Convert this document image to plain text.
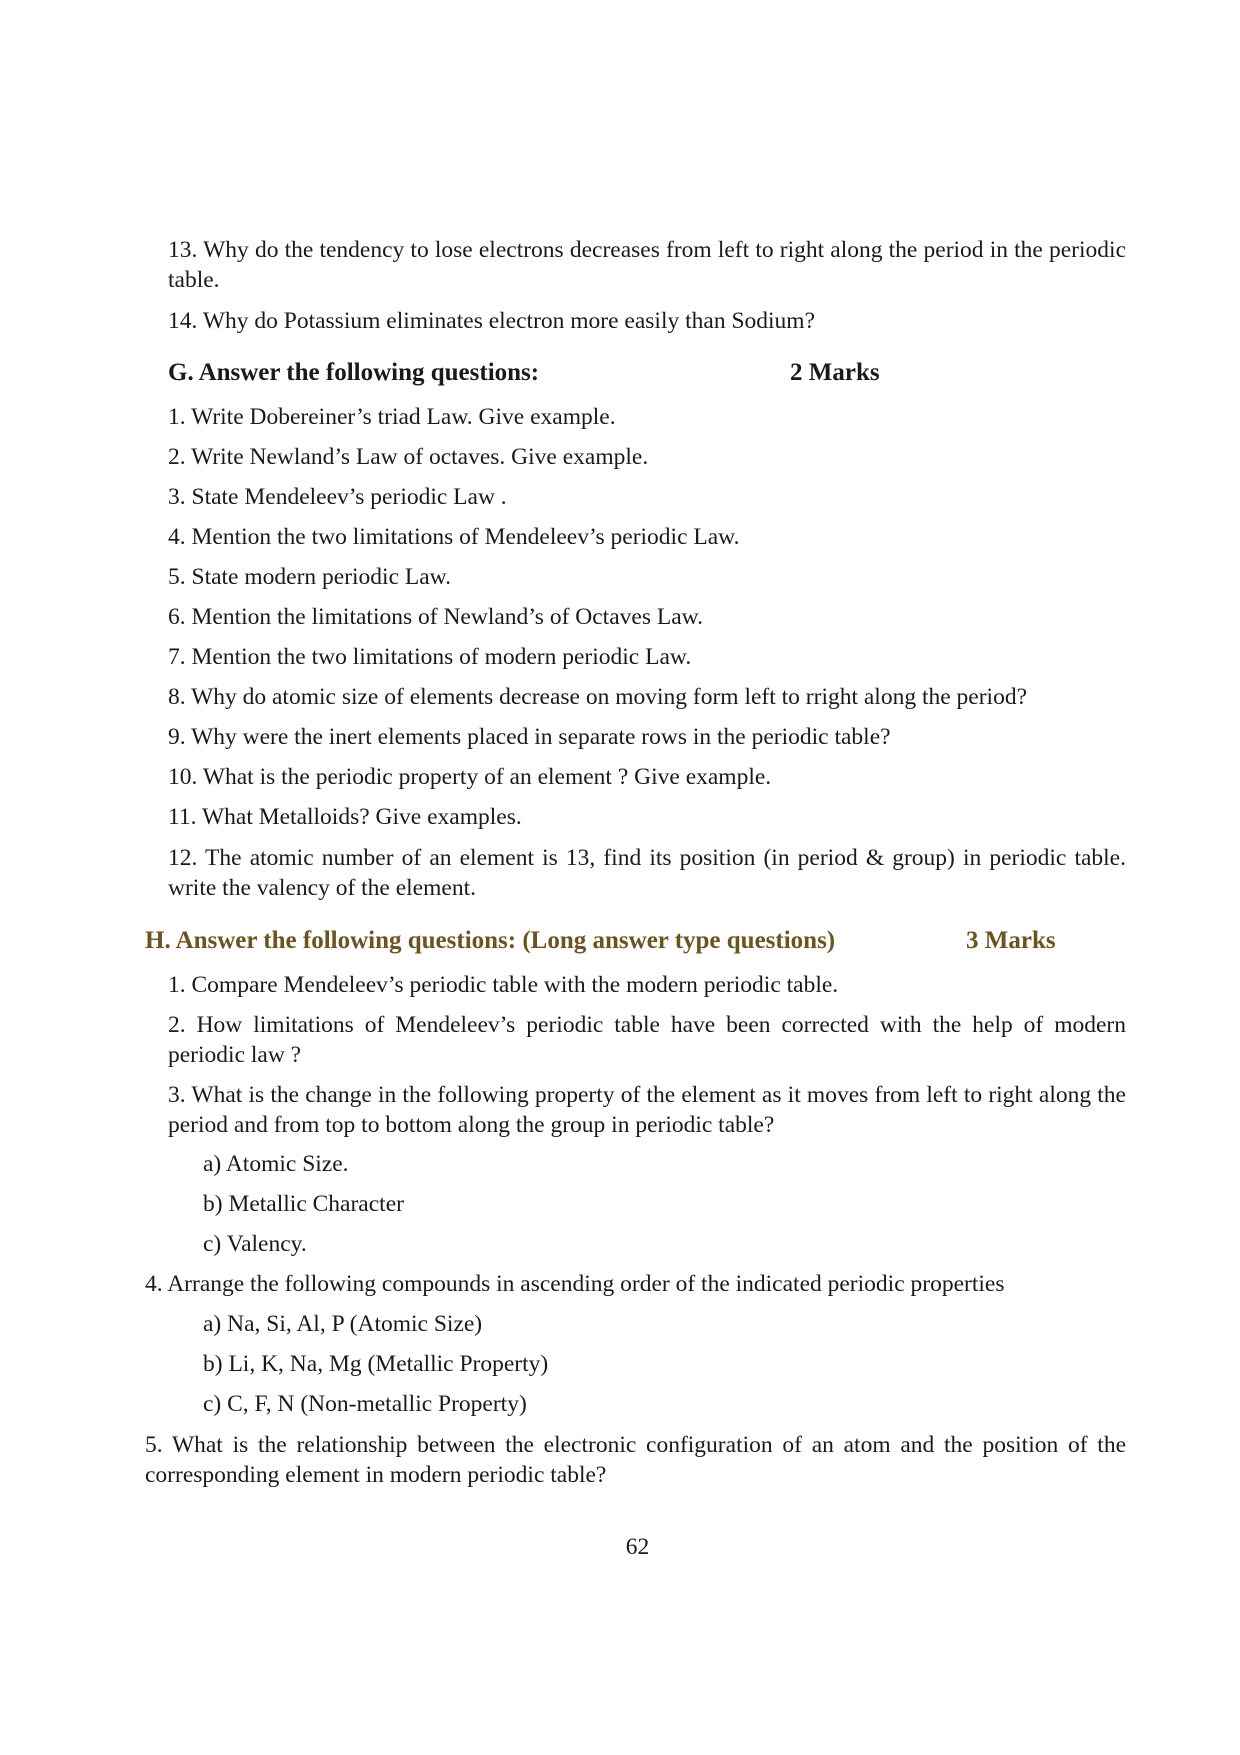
13. Why do the tendency to lose electrons decreases from left to right along the period in the periodic table.

14. Why do Potassium eliminates electron more easily than Sodium?

G. Answer the following questions:	2 Marks

1. Write Dobereiner’s triad Law. Give example.

2. Write Newland’s Law of octaves. Give example.

3. State Mendeleev’s periodic Law .

4. Mention the two limitations of Mendeleev’s periodic Law.

5. State modern periodic Law.

6. Mention the limitations of Newland’s of Octaves Law.

7. Mention the two limitations of modern periodic Law.

8. Why do atomic size of elements decrease on moving form left to rright along the period?

9. Why were the inert elements placed in separate rows in the periodic table?

10. What is the periodic property of an element ? Give example.

11. What Metalloids? Give examples.

12. The atomic number of an element is 13, find its position (in period & group) in periodic table. write the valency of the element.

H. Answer the following questions: (Long answer type questions)	3 Marks

1. Compare Mendeleev’s periodic table with the modern periodic table.

2. How limitations of Mendeleev’s periodic table have been corrected with the help of modern periodic law ?

3. What is the change in the following property of the element as it moves from left to right along the period and from top to bottom along the group in periodic table?

a) Atomic Size.

b) Metallic Character

c) Valency.

4. Arrange the following compounds in ascending order of the indicated periodic properties

a) Na, Si, Al, P (Atomic Size)

b) Li, K, Na, Mg (Metallic Property)

c) C, F, N (Non-metallic Property)

5. What is the relationship between the electronic configuration of an atom and the position of the corresponding element in modern periodic table?

62
